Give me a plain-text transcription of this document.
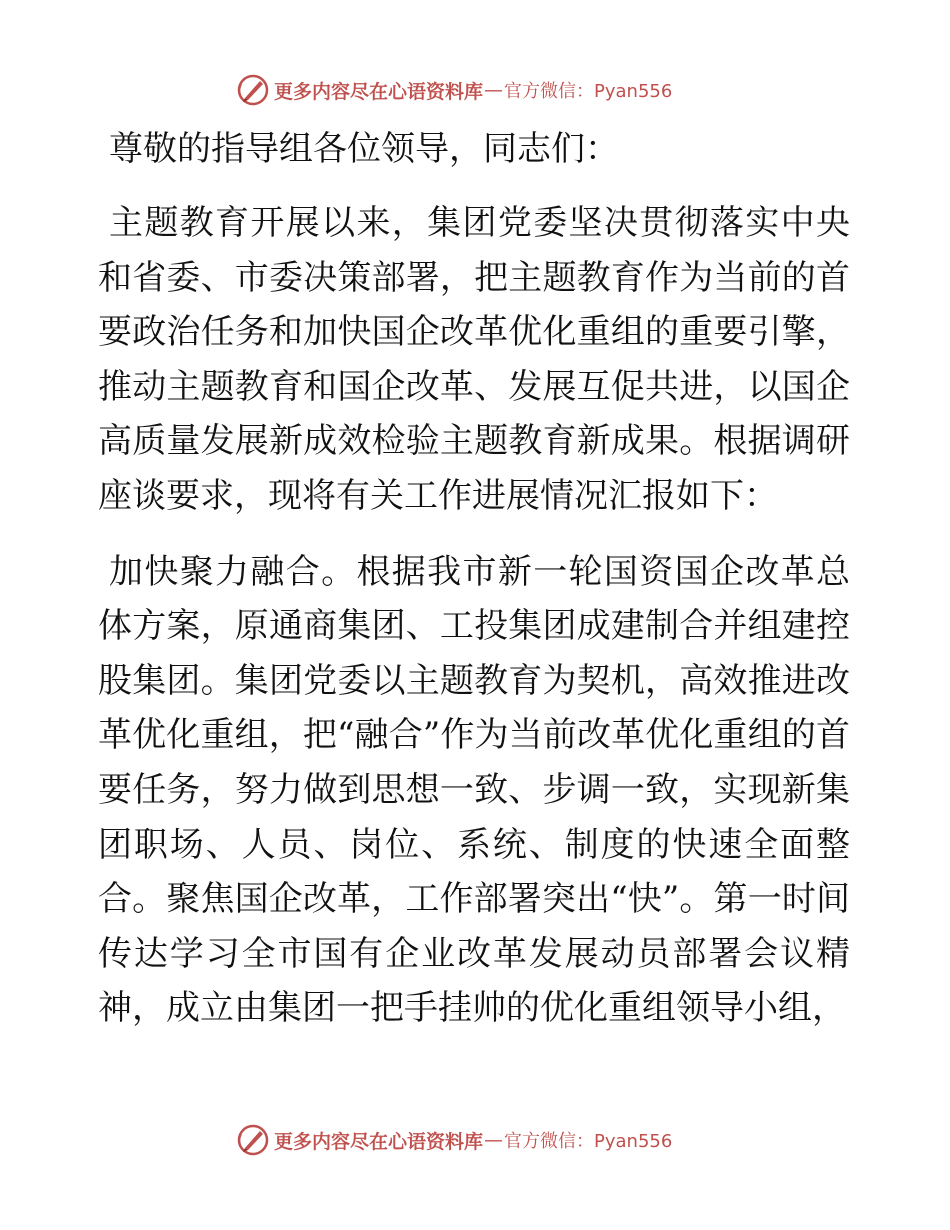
更多内容尽在心语资料库 — 官方微信：Pyan556

尊敬的指导组各位领导，同志们：

主题教育开展以来，集团党委坚决贯彻落实中央和省委、市委决策部署，把主题教育作为当前的首要政治任务和加快国企改革优化重组的重要引擎，推动主题教育和国企改革、发展互促共进，以国企高质量发展新成效检验主题教育新成果。根据调研座谈要求，现将有关工作进展情况汇报如下：

加快聚力融合。根据我市新一轮国资国企改革总体方案，原通商集团、工投集团成建制合并组建控股集团。集团党委以主题教育为契机，高效推进改革优化重组，把“融合”作为当前改革优化重组的首要任务，努力做到思想一致、步调一致，实现新集团职场、人员、岗位、系统、制度的快速全面整合。聚焦国企改革，工作部署突出“快”。第一时间传达学习全市国有企业改革发展动员部署会议精神，成立由集团一把手挂帅的优化重组领导小组，

更多内容尽在心语资料库 — 官方微信：Pyan556
